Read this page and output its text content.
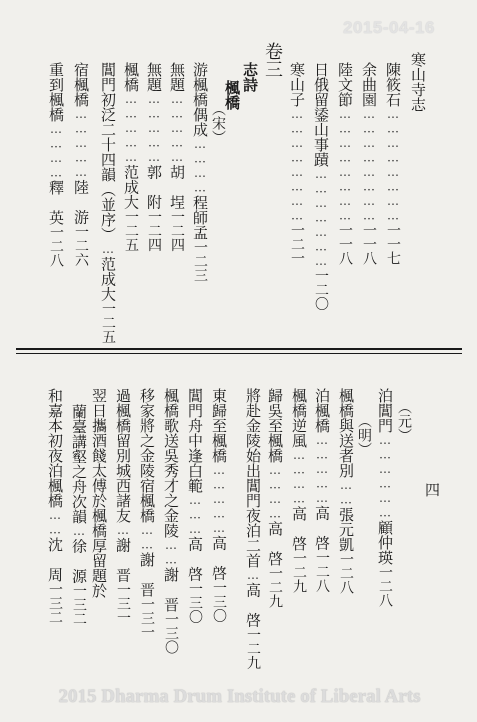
2015-04-16
寒山寺志

陳筱石……………………一一七
余曲園……………………一一八
陸文節……………………一一八
日俄留鋈山事蹟…………………一二〇
寒山子……………………一二一
卷三
志詩
楓橋
（宋）
游楓橋偶成…………程師孟一二三
無題……………胡　埕一二四
無題……………郭　附一二四
楓橋……………范成大一二五
閶門初泛二十四韻（並序）…范成大一二五
宿楓橋……………陸　游一二六
重到楓橋…………釋　英一二八
四
（元）
泊閶門………………顧仲瑛一二八
（明）
楓橋與送者別……張元凱一二八
泊楓橋……………高　啓一二八
楓橋逆風…………高　啓一二九
歸吳至楓橋…………高　啓一二九
將赴金陵始出閶門夜泊二首…高　啓一二九
東歸至楓橋……………高　啓一三〇
閶門舟中逢白範………高　啓一三〇
楓橋歌送吳秀才之金陵……謝　晋一三〇
移家將之金陵宿楓橋……謝　晋一三一
過楓橋留別城西諸友…謝　晋一三一
翌日攜酒餞太傅於楓橋厚留題於
蘭臺講壑之舟次韻…徐　源一三二
和嘉本初夜泊楓橋……沈　周一三二
2015 Dharma Drum Institute of Liberal Arts
